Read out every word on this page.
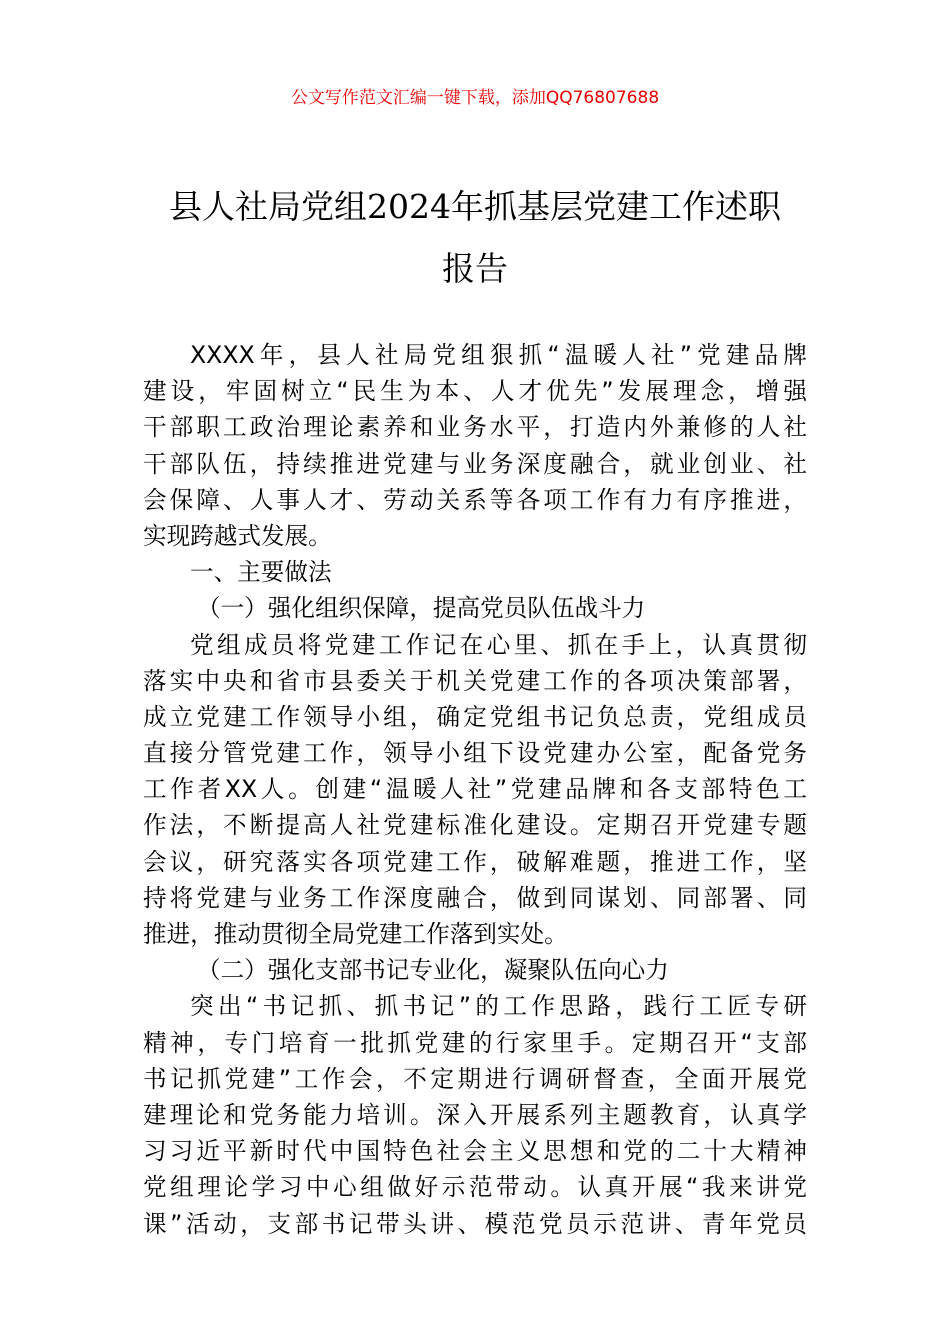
公文写作范文汇编一键下载，添加QQ76807688
县人社局党组2024年抓基层党建工作述职
报告
XXXX年，县人社局党组狠抓“温暖人社”党建品牌
建设，牢固树立“民生为本、人才优先”发展理念，增强
干部职工政治理论素养和业务水平，打造内外兼修的人社
干部队伍，持续推进党建与业务深度融合，就业创业、社
会保障、人事人才、劳动关系等各项工作有力有序推进，
实现跨越式发展。
一、主要做法
（一）强化组织保障，提高党员队伍战斗力
党组成员将党建工作记在心里、抓在手上，认真贯彻
落实中央和省市县委关于机关党建工作的各项决策部署，
成立党建工作领导小组，确定党组书记负总责，党组成员
直接分管党建工作，领导小组下设党建办公室，配备党务
工作者XX人。创建“温暖人社”党建品牌和各支部特色工
作法，不断提高人社党建标准化建设。定期召开党建专题
会议，研究落实各项党建工作，破解难题，推进工作，坚
持将党建与业务工作深度融合，做到同谋划、同部署、同
推进，推动贯彻全局党建工作落到实处。
（二）强化支部书记专业化，凝聚队伍向心力
突出“书记抓、抓书记”的工作思路，践行工匠专研
精神，专门培育一批抓党建的行家里手。定期召开“支部
书记抓党建”工作会，不定期进行调研督查，全面开展党
建理论和党务能力培训。深入开展系列主题教育，认真学
习习近平新时代中国特色社会主义思想和党的二十大精神
党组理论学习中心组做好示范带动。认真开展“我来讲党
课”活动，支部书记带头讲、模范党员示范讲、青年党员
